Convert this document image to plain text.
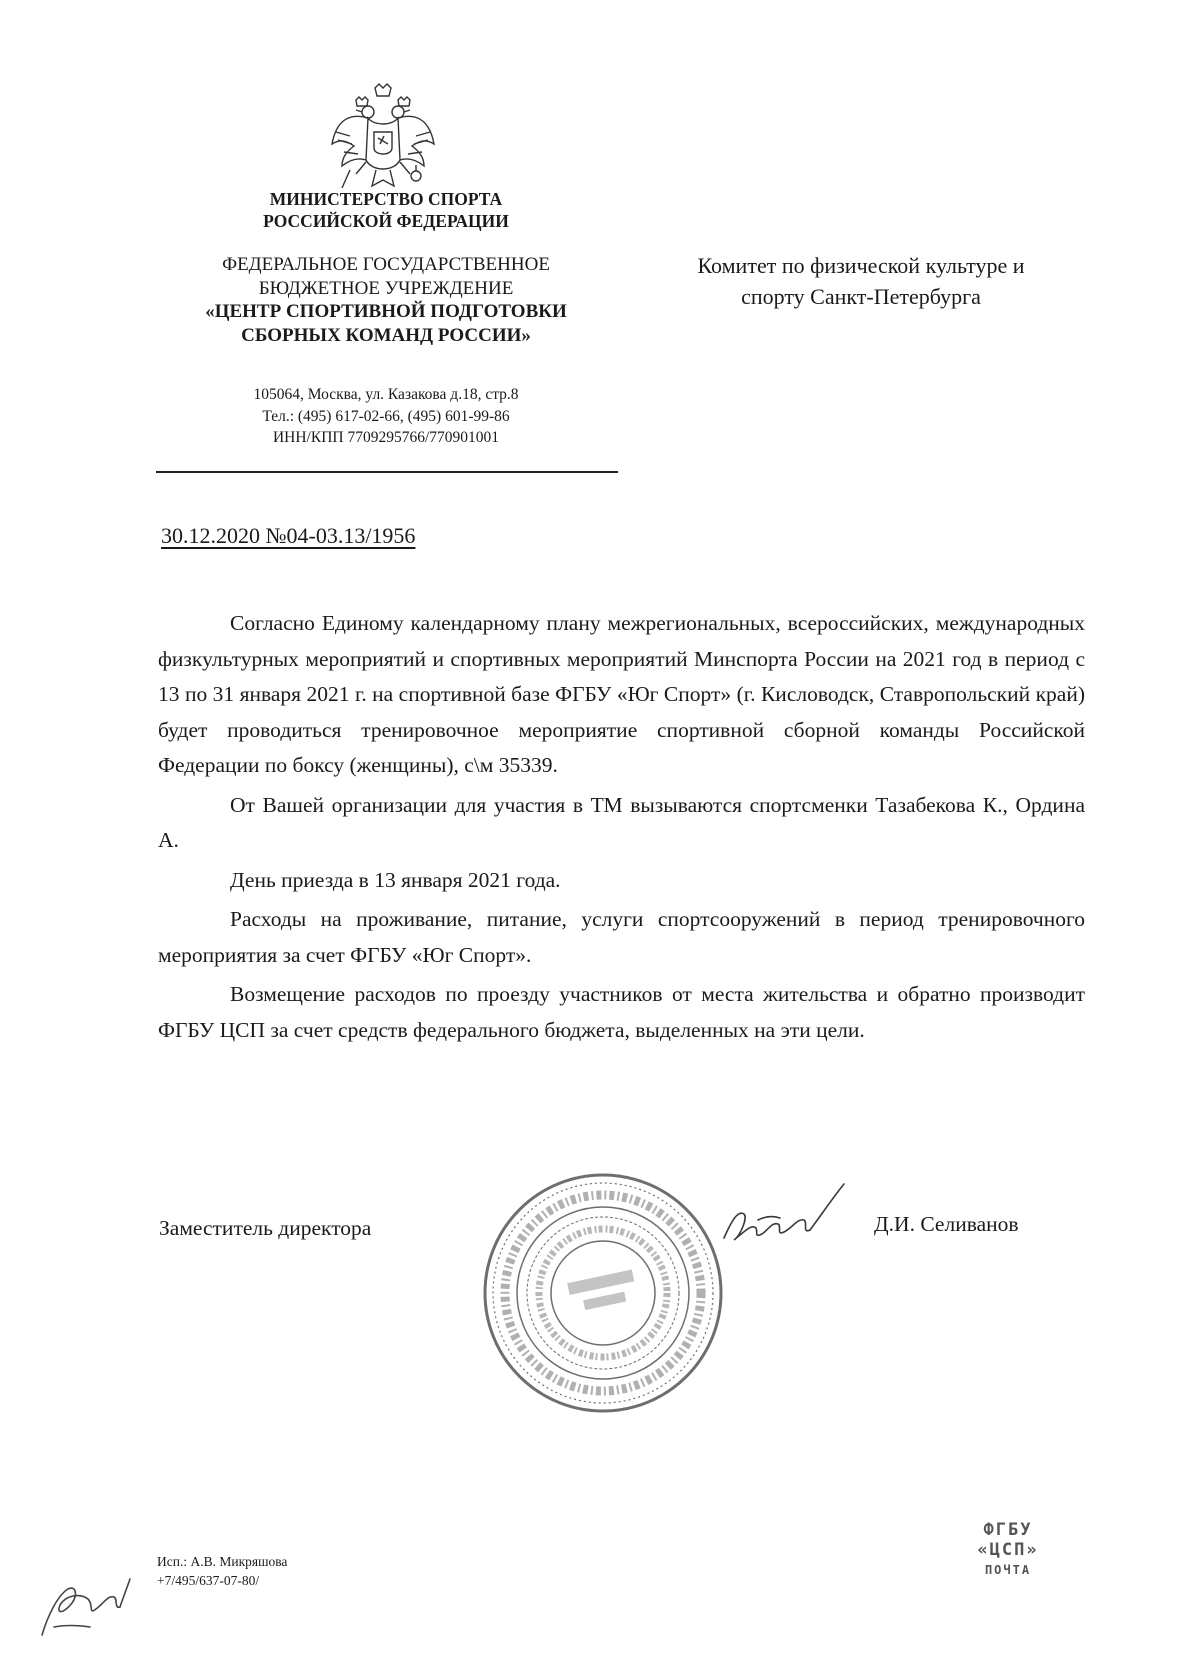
МИНИСТЕРСТВО СПОРТА
РОССИЙСКОЙ ФЕДЕРАЦИИ
ФЕДЕРАЛЬНОЕ ГОСУДАРСТВЕННОЕ
БЮДЖЕТНОЕ УЧРЕЖДЕНИЕ
«ЦЕНТР СПОРТИВНОЙ ПОДГОТОВКИ
СБОРНЫХ КОМАНД РОССИИ»
105064, Москва, ул. Казакова д.18, стр.8
Тел.: (495) 617-02-66, (495) 601-99-86
ИНН/КПП 7709295766/770901001
Комитет по физической культуре и
спорту Санкт-Петербурга
30.12.2020 №04-03.13/1956

Согласно Единому календарному плану межрегиональных, всероссийских, международных физкультурных мероприятий и спортивных мероприятий Минспорта России на 2021 год в период с 13 по 31 января 2021 г. на спортивной базе ФГБУ «Юг Спорт» (г. Кисловодск, Ставропольский край) будет проводиться тренировочное мероприятие спортивной сборной команды Российской Федерации по боксу (женщины), с\м 35339.

От Вашей организации для участия в ТМ вызываются спортсменки Тазабекова К., Ордина А.

День приезда в 13 января 2021 года.

Расходы на проживание, питание, услуги спортсооружений в период тренировочного мероприятия за счет ФГБУ «Юг Спорт».

Возмещение расходов по проезду участников от места жительства и обратно производит ФГБУ ЦСП за счет средств федерального бюджета, выделенных на эти цели.

Заместитель директора	Д.И. Селиванов
Исп.: А.В. Микряшова
+7/495/637-07-80/
ФГБУ «ЦСП»
ПОЧТА
